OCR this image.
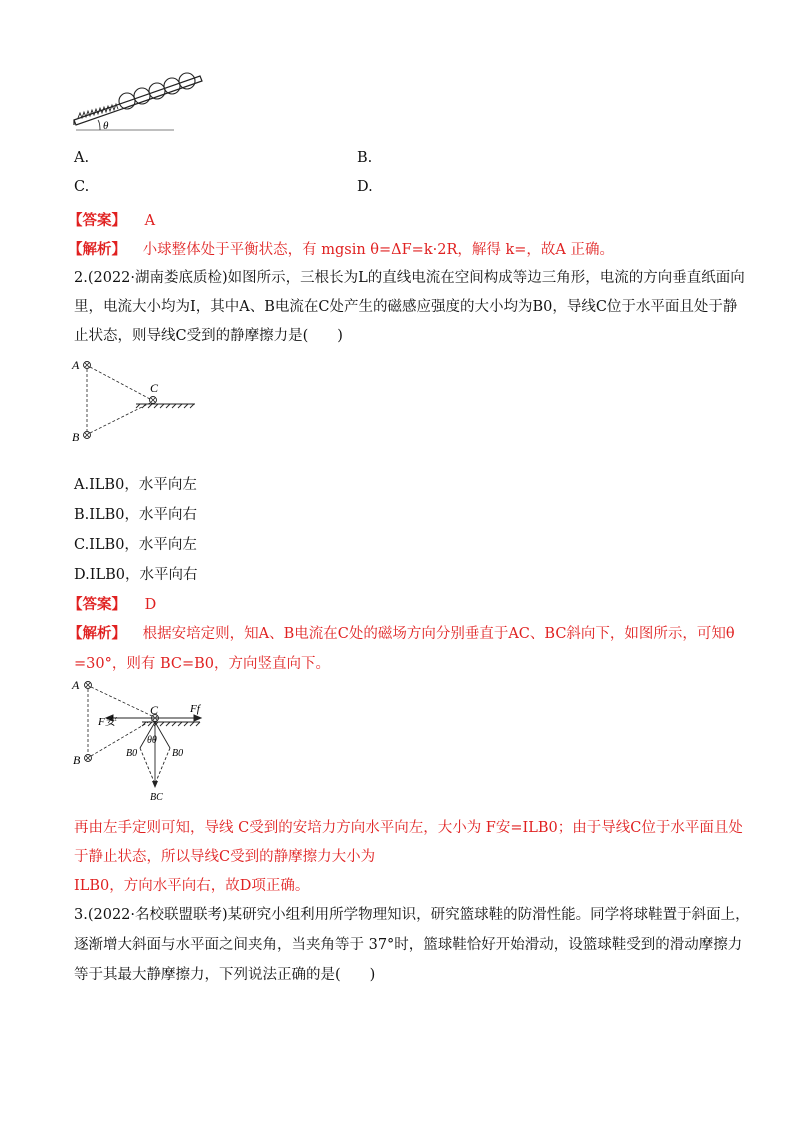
θ
A.	B.
C.	D.
【答案】 A
【解析】 小球整体处于平衡状态，有 mgsin θ=ΔF=k·2R，解得 k=，故A 正确。
2.(2022·湖南娄底质检)如图所示，三根长为L的直线电流在空间构成等边三角形，电流的方向垂直纸面向
里，电流大小均为I，其中A、B电流在C处产生的磁感应强度的大小均为B0，导线C位于水平面且处于静
止状态，则导线C受到的静摩擦力是(　　)
A
B
C
A.ILB0，水平向左
B.ILB0，水平向右
C.ILB0，水平向左
D.ILB0，水平向右
【答案】 D
【解析】 根据安培定则，知A、B电流在C处的磁场方向分别垂直于AC、BC斜向下，如图所示，可知θ
=30°，则有 BC=B0，方向竖直向下。
A
B
C
F安
Ff
θθ
B0	B0
BC
再由左手定则可知，导线 C受到的安培力方向水平向左，大小为 F安=ILB0；由于导线C位于水平面且处
于静止状态，所以导线C受到的静摩擦力大小为
ILB0，方向水平向右，故D项正确。
3.(2022·名校联盟联考)某研究小组利用所学物理知识，研究篮球鞋的防滑性能。同学将球鞋置于斜面上，
逐渐增大斜面与水平面之间夹角，当夹角等于 37°时，篮球鞋恰好开始滑动，设篮球鞋受到的滑动摩擦力
等于其最大静摩擦力，下列说法正确的是(　　)
